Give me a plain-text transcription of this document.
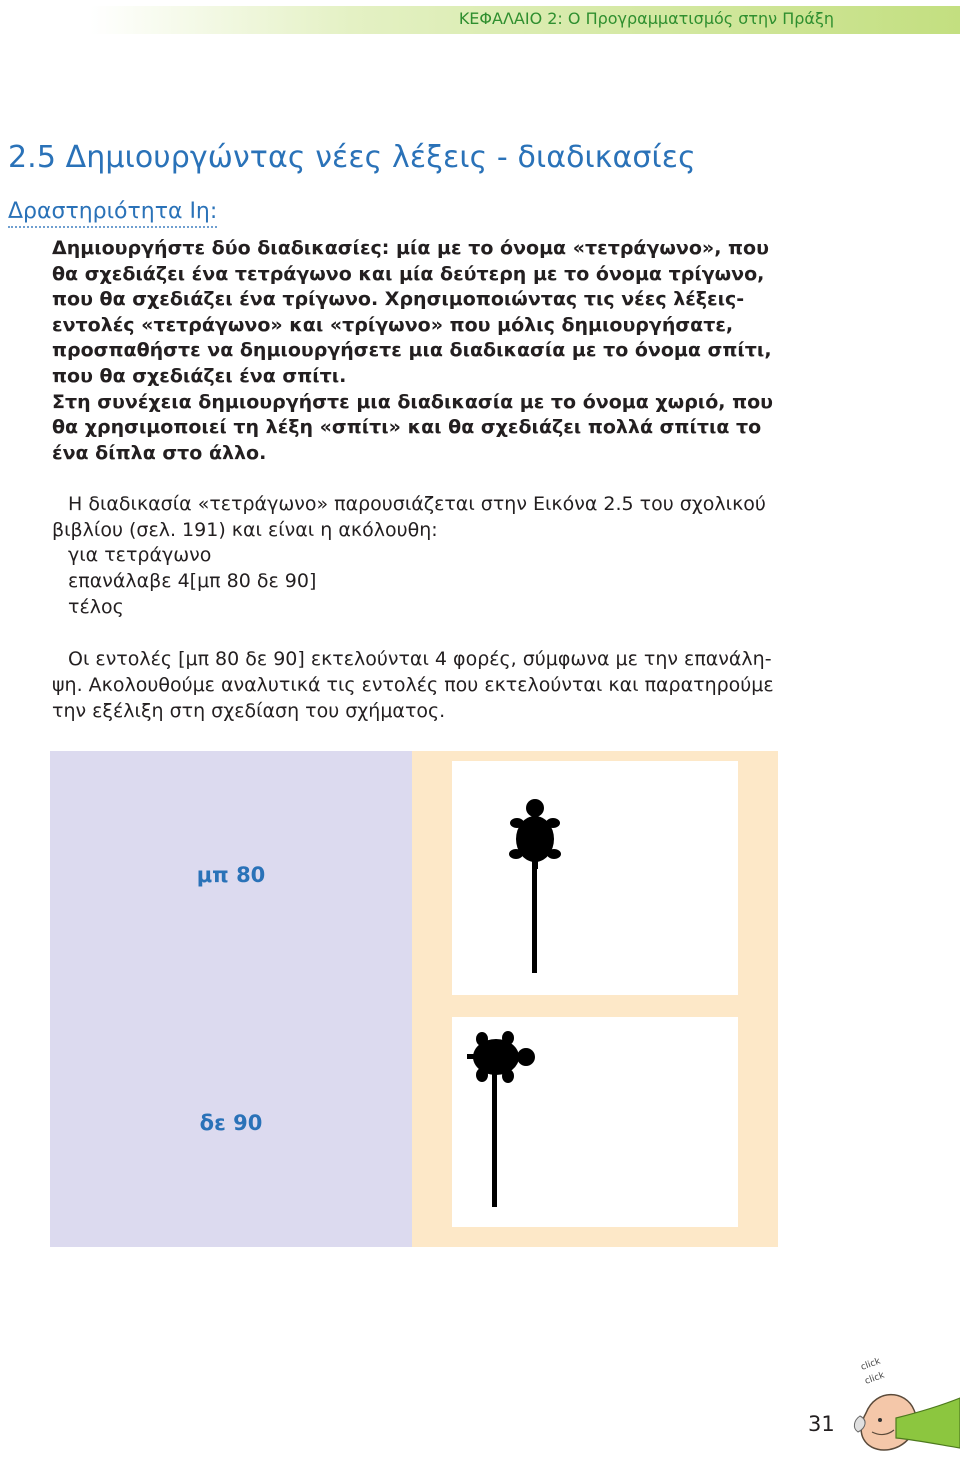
ΚΕΦΑΛΑΙΟ 2: Ο Προγραμματισμός στην Πράξη
2.5 Δημιουργώντας νέες λέξεις - διαδικασίες
Δραστηριότητα Ιη:
Δημιουργήστε δύο διαδικασίες: μία με το όνομα «τετράγωνο», που
θα σχεδιάζει ένα τετράγωνο και μία δεύτερη με το όνομα τρίγωνο,
που θα σχεδιάζει ένα τρίγωνο. Χρησιμοποιώντας τις νέες λέξεις-
εντολές «τετράγωνο» και «τρίγωνο» που μόλις δημιουργήσατε,
προσπαθήστε να δημιουργήσετε μια διαδικασία με το όνομα σπίτι,
που θα σχεδιάζει ένα σπίτι.
Στη συνέχεια δημιουργήστε μια διαδικασία με το όνομα χωριό, που
θα χρησιμοποιεί τη λέξη «σπίτι» και θα σχεδιάζει πολλά σπίτια το
ένα δίπλα στο άλλο.
Η διαδικασία «τετράγωνο» παρουσιάζεται στην Εικόνα 2.5 του σχολικού
βιβλίου (σελ. 191) και είναι η ακόλουθη:
για τετράγωνο
επανάλαβε 4[μπ 80 δε 90]
τέλος
Οι εντολές [μπ 80 δε 90] εκτελούνται 4 φορές, σύμφωνα με την επανάλη-
ψη. Ακολουθούμε αναλυτικά τις εντολές που εκτελούνται και παρατηρούμε
την εξέλιξη στη σχεδίαση του σχήματος.
μπ 80
δε 90
click
click
31
